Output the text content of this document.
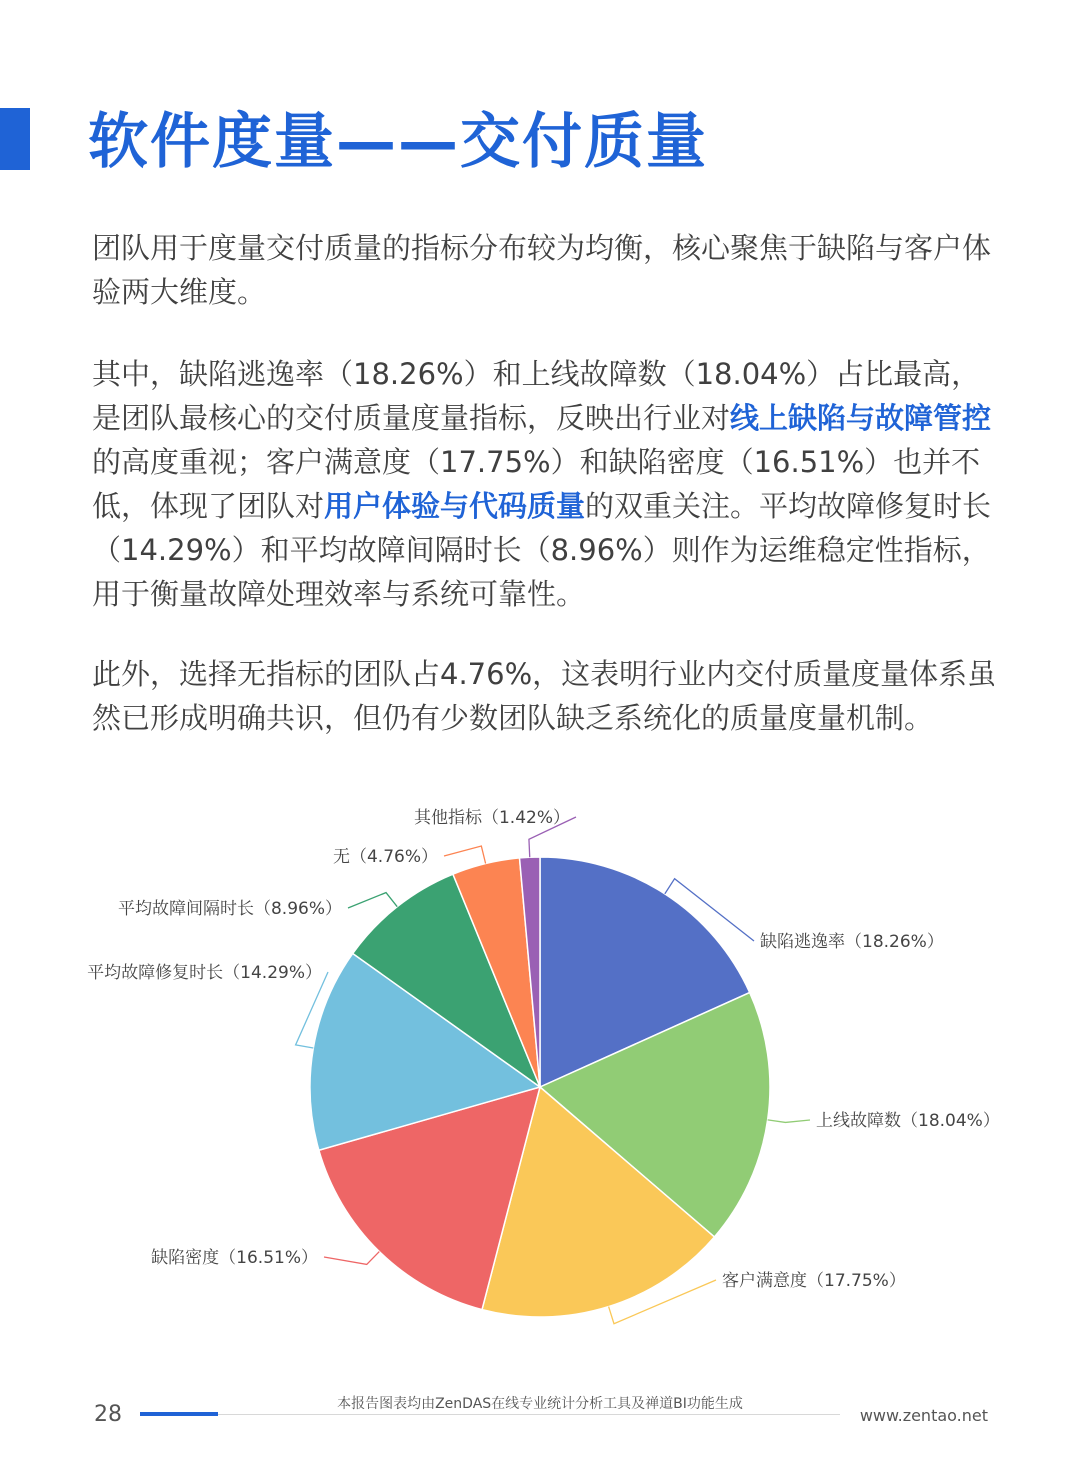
软件度量——交付质量

团队用于度量交付质量的指标分布较为均衡，核心聚焦于缺陷与客户体验两大维度。

其中，缺陷逃逸率（18.26%）和上线故障数（18.04%）占比最高，是团队最核心的交付质量度量指标，反映出行业对线上缺陷与故障管控的高度重视；客户满意度（17.75%）和缺陷密度（16.51%）也并不低，体现了团队对用户体验与代码质量的双重关注。平均故障修复时长（14.29%）和平均故障间隔时长（8.96%）则作为运维稳定性指标，用于衡量故障处理效率与系统可靠性。

此外，选择无指标的团队占4.76%，这表明行业内交付质量度量体系虽然已形成明确共识，但仍有少数团队缺乏系统化的质量度量机制。

缺陷逃逸率（18.26%）
上线故障数（18.04%）
客户满意度（17.75%）
缺陷密度（16.51%）
平均故障修复时长（14.29%）
平均故障间隔时长（8.96%）
无（4.76%）
其他指标（1.42%）
28	本报告图表均由ZenDAS在线专业统计分析工具及禅道BI功能生成
www.zentao.net
